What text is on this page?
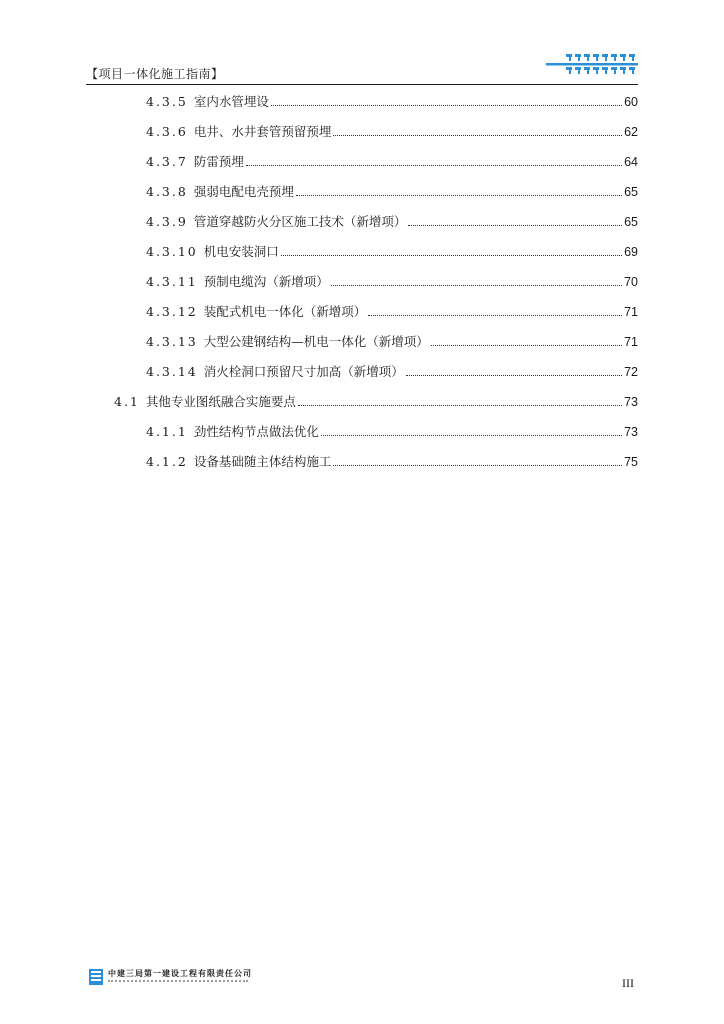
【项目一体化施工指南】
4.3.5 室内水管埋设	60
4.3.6 电井、水井套管预留预埋	62
4.3.7 防雷预埋	64
4.3.8 强弱电配电壳预埋	65
4.3.9 管道穿越防火分区施工技术（新增项）	65
4.3.10 机电安装洞口	69
4.3.11 预制电缆沟（新增项）	70
4.3.12 装配式机电一体化（新增项）	71
4.3.13 大型公建钢结构—机电一体化（新增项）	71
4.3.14 消火栓洞口预留尺寸加高（新增项）	72
4.1 其他专业图纸融合实施要点	73
4.1.1 劲性结构节点做法优化	73
4.1.2 设备基础随主体结构施工	75
中建三局第一建设工程有限责任公司
III
